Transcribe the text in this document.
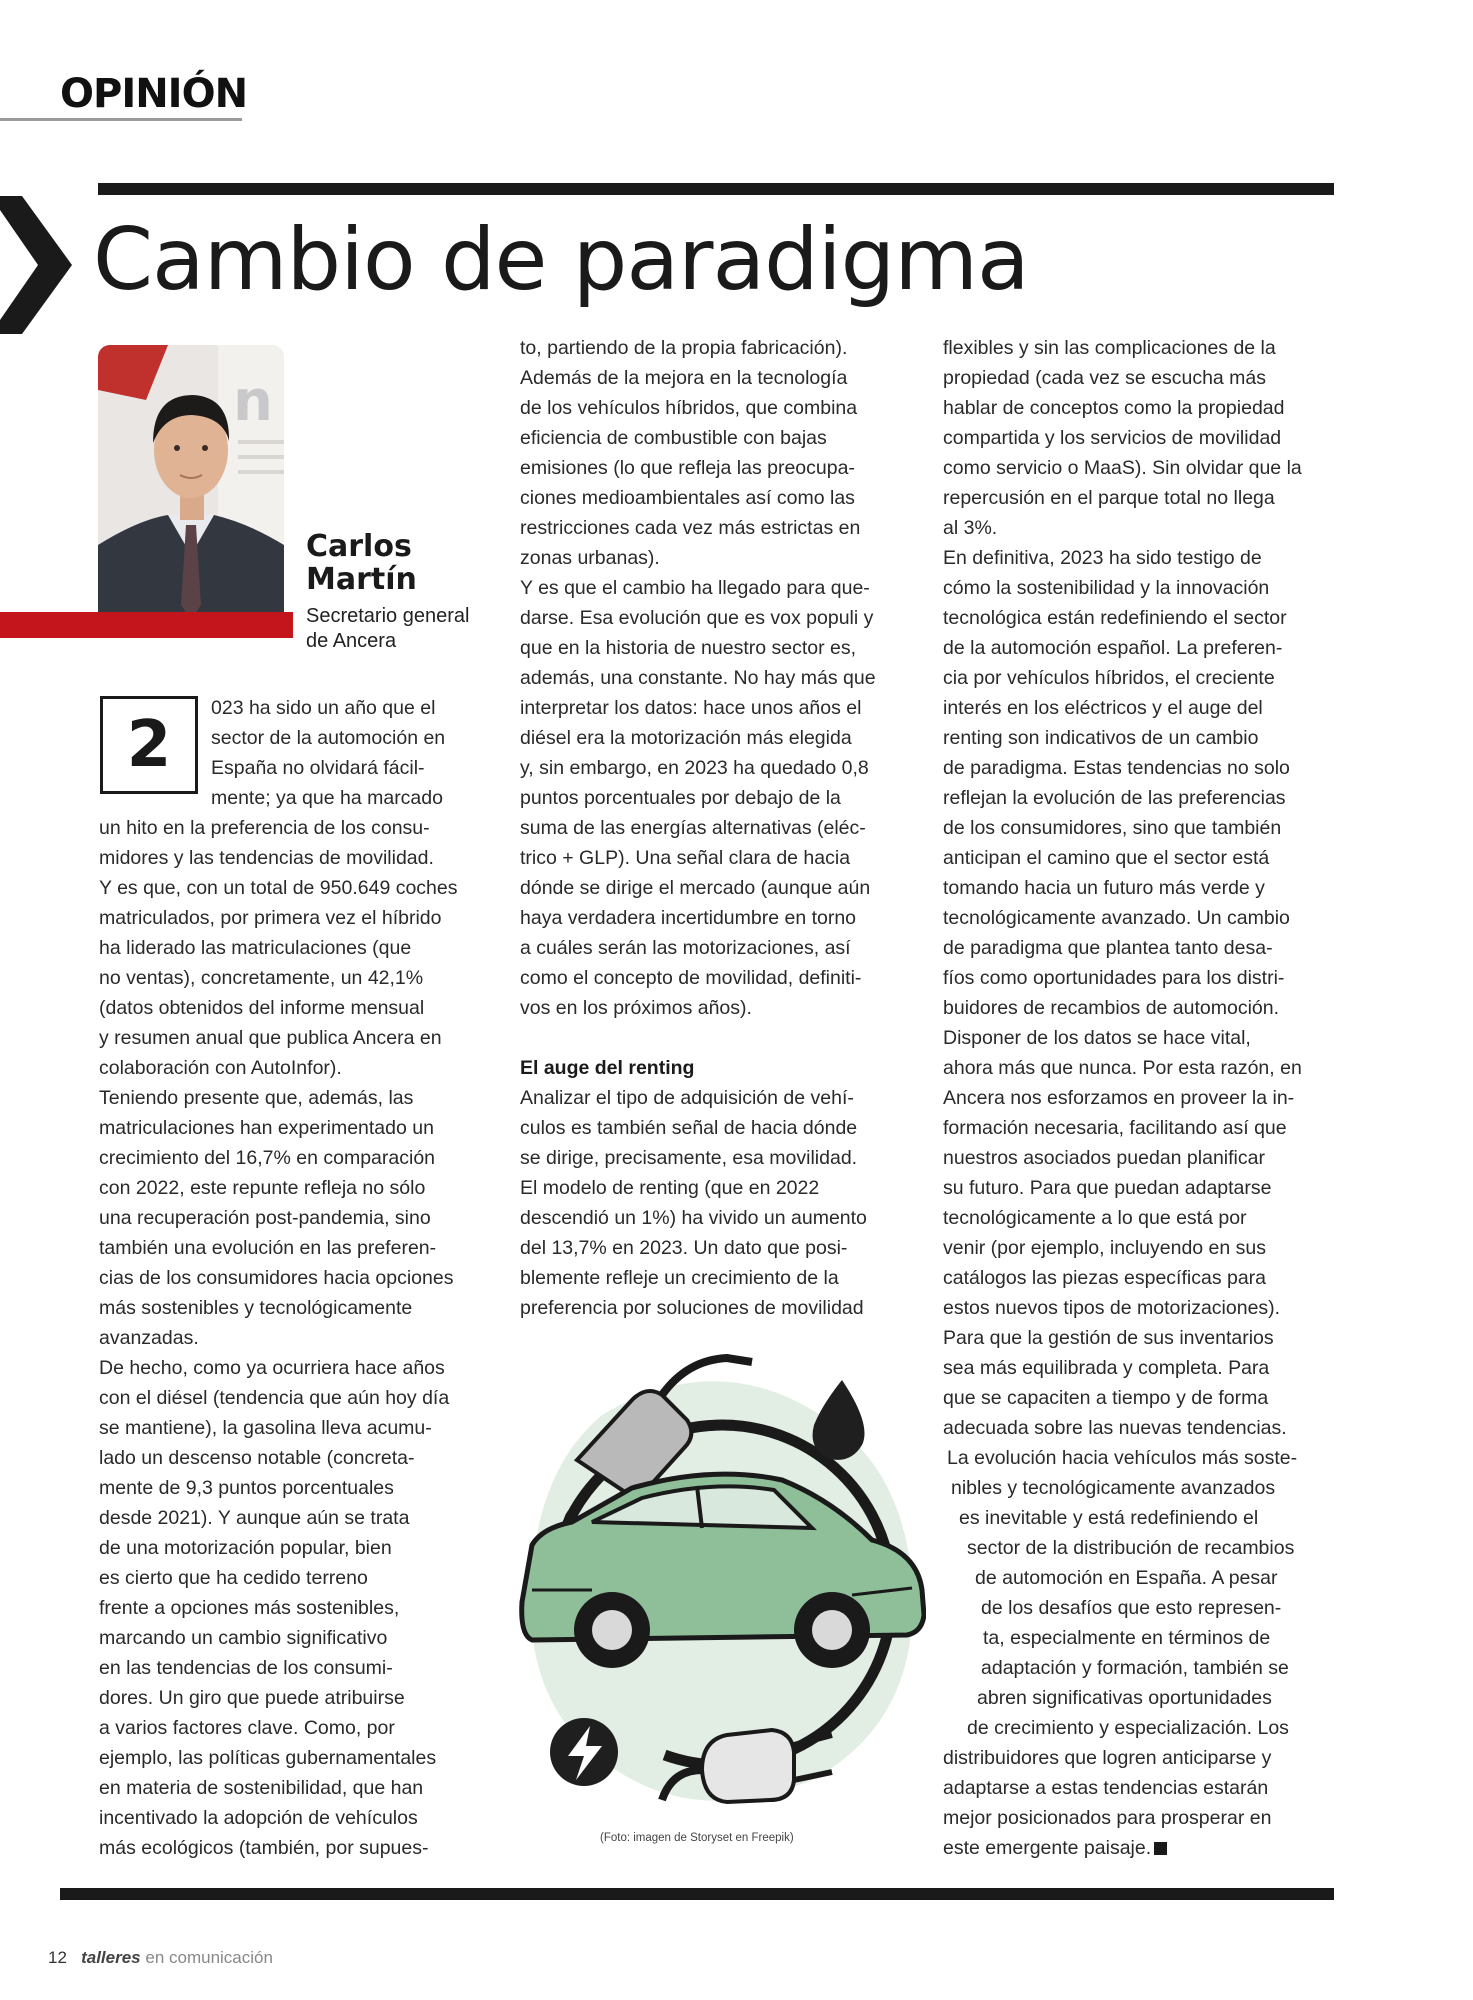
OPINIÓN
Cambio de paradigma
n
Carlos
Martín
Secretario general
de Ancera
2	023 ha sido un año que el

sector de la automoción en

España no olvidará fácil-

mente; ya que ha marcado

un hito en la preferencia de los consu-

midores y las tendencias de movilidad.

Y es que, con un total de 950.649 coches

matriculados, por primera vez el híbrido

ha liderado las matriculaciones (que

no ventas), concretamente, un 42,1%

(datos obtenidos del informe mensual

y resumen anual que publica Ancera en

colaboración con AutoInfor).

Teniendo presente que, además, las

matriculaciones han experimentado un

crecimiento del 16,7% en comparación

con 2022, este repunte refleja no sólo

una recuperación post-pandemia, sino

también una evolución en las preferen-

cias de los consumidores hacia opciones

más sostenibles y tecnológicamente

avanzadas.

De hecho, como ya ocurriera hace años

con el diésel (tendencia que aún hoy día

se mantiene), la gasolina lleva acumu-

lado un descenso notable (concreta-

mente de 9,3 puntos porcentuales

desde 2021). Y aunque aún se trata

de una motorización popular, bien

es cierto que ha cedido terreno

frente a opciones más sostenibles,

marcando un cambio significativo

en las tendencias de los consumi-

dores. Un giro que puede atribuirse

a varios factores clave. Como, por

ejemplo, las políticas gubernamentales

en materia de sostenibilidad, que han

incentivado la adopción de vehículos

más ecológicos (también, por supues-

to, partiendo de la propia fabricación).

Además de la mejora en la tecnología

de los vehículos híbridos, que combina

eficiencia de combustible con bajas

emisiones (lo que refleja las preocupa-

ciones medioambientales así como las

restricciones cada vez más estrictas en

zonas urbanas).

Y es que el cambio ha llegado para que-

darse. Esa evolución que es vox populi y

que en la historia de nuestro sector es,

además, una constante. No hay más que

interpretar los datos: hace unos años el

diésel era la motorización más elegida

y, sin embargo, en 2023 ha quedado 0,8

puntos porcentuales por debajo de la

suma de las energías alternativas (eléc-

trico + GLP). Una señal clara de hacia

dónde se dirige el mercado (aunque aún

haya verdadera incertidumbre en torno

a cuáles serán las motorizaciones, así

como el concepto de movilidad, definiti-

vos en los próximos años).

El auge del renting

Analizar el tipo de adquisición de vehí-

culos es también señal de hacia dónde

se dirige, precisamente, esa movilidad.

El modelo de renting (que en 2022

descendió un 1%) ha vivido un aumento

del 13,7% en 2023. Un dato que posi-

blemente refleje un crecimiento de la

preferencia por soluciones de movilidad

(Foto: imagen de Storyset en Freepik)

flexibles y sin las complicaciones de la

propiedad (cada vez se escucha más

hablar de conceptos como la propiedad

compartida y los servicios de movilidad

como servicio o MaaS). Sin olvidar que la

repercusión en el parque total no llega

al 3%.

En definitiva, 2023 ha sido testigo de

cómo la sostenibilidad y la innovación

tecnológica están redefiniendo el sector

de la automoción español. La preferen-

cia por vehículos híbridos, el creciente

interés en los eléctricos y el auge del

renting son indicativos de un cambio

de paradigma. Estas tendencias no solo

reflejan la evolución de las preferencias

de los consumidores, sino que también

anticipan el camino que el sector está

tomando hacia un futuro más verde y

tecnológicamente avanzado. Un cambio

de paradigma que plantea tanto desa-

fíos como oportunidades para los distri-

buidores de recambios de automoción.

Disponer de los datos se hace vital,

ahora más que nunca. Por esta razón, en

Ancera nos esforzamos en proveer la in-

formación necesaria, facilitando así que

nuestros asociados puedan planificar

su futuro. Para que puedan adaptarse

tecnológicamente a lo que está por

venir (por ejemplo, incluyendo en sus

catálogos las piezas específicas para

estos nuevos tipos de motorizaciones).

Para que la gestión de sus inventarios

sea más equilibrada y completa. Para

que se capaciten a tiempo y de forma

adecuada sobre las nuevas tendencias.

La evolución hacia vehículos más soste-

nibles y tecnológicamente avanzados

es inevitable y está redefiniendo el

sector de la distribución de recambios

de automoción en España. A pesar

de los desafíos que esto represen-

ta, especialmente en términos de

adaptación y formación, también se

abren significativas oportunidades

de crecimiento y especialización. Los

distribuidores que logren anticiparse y

adaptarse a estas tendencias estarán

mejor posicionados para prosperar en

este emergente paisaje.

12 talleres en comunicación
